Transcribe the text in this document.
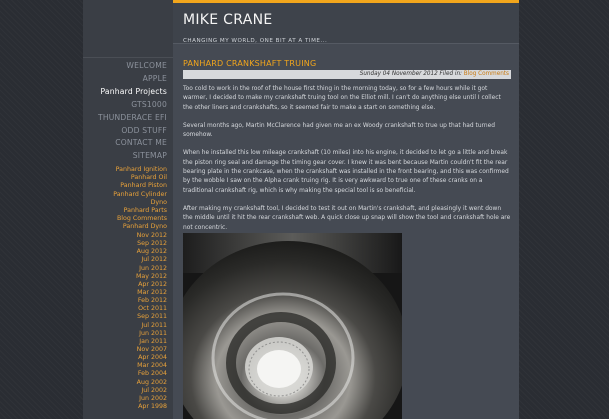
WELCOME
APPLE
Panhard Projects
GTS1000
THUNDERACE EFI
ODD STUFF
CONTACT ME
SITEMAP
Panhard Ignition
Panhard Oil
Panhard Piston
Panhard Cylinder
Dyno
Panhard Parts
Blog Comments
Panhard Dyno
Nov 2012
Sep 2012
Aug 2012
Jul 2012
Jun 2012
May 2012
Apr 2012
Mar 2012
Feb 2012
Oct 2011
Sep 2011
Jul 2011
Jun 2011
Jan 2011
Nov 2007
Apr 2004
Mar 2004
Feb 2004
Aug 2002
Jul 2002
Jun 2002
Apr 1998
MIKE CRANE
CHANGING MY WORLD, ONE BIT AT A TIME...
PANHARD CRANKSHAFT TRUING
Sunday 04 November 2012 Filed in: Blog Comments

Too cold to work in the roof of the house first thing in the morning today, so for a few hours while it got warmer, I decided to make my crankshaft truing tool on the Elliot mill. I can't do anything else until I collect the other liners and crankshafts, so it seemed fair to make a start on something else.

Several months ago, Martin McClarence had given me an ex Woody crankshaft to true up that had turned somehow.

When he installed this low mileage crankshaft (10 miles) into his engine, it decided to let go a little and break the piston ring seal and damage the timing gear cover. I knew it was bent because Martin couldn't fit the rear bearing plate in the crankcase, when the crankshaft was installed in the front bearing, and this was confirmed by the wobble I saw on the Alpha crank truing rig. It is very awkward to true one of these cranks on a traditional crankshaft rig, which is why making the special tool is so beneficial.

After making my crankshaft tool, I decided to test it out on Martin's crankshaft, and pleasingly it went down the middle until it hit the rear crankshaft web. A quick close up snap will show the tool and crankshaft hole are not concentric.
